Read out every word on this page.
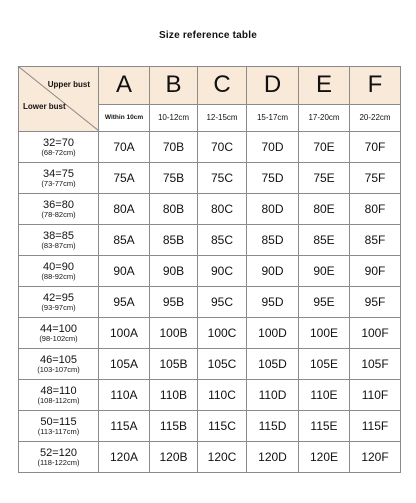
Size reference table
Upper bust
Lower bust	A	B	C	D	E	F
	Within 10cm	10-12cm	12-15cm	15-17cm	17-20cm	20-22cm

32=70
(68-72cm)	70A	70B	70C	70D	70E	70F

34=75
(73-77cm)	75A	75B	75C	75D	75E	75F

36=80
(78-82cm)	80A	80B	80C	80D	80E	80F

38=85
(83-87cm)	85A	85B	85C	85D	85E	85F

40=90
(88-92cm)	90A	90B	90C	90D	90E	90F

42=95
(93-97cm)	95A	95B	95C	95D	95E	95F

44=100
(98-102cm)	100A	100B	100C	100D	100E	100F

46=105
(103-107cm)	105A	105B	105C	105D	105E	105F

48=110
(108-112cm)	110A	110B	110C	110D	110E	110F

50=115
(113-117cm)	115A	115B	115C	115D	115E	115F

52=120
(118-122cm)	120A	120B	120C	120D	120E	120F
